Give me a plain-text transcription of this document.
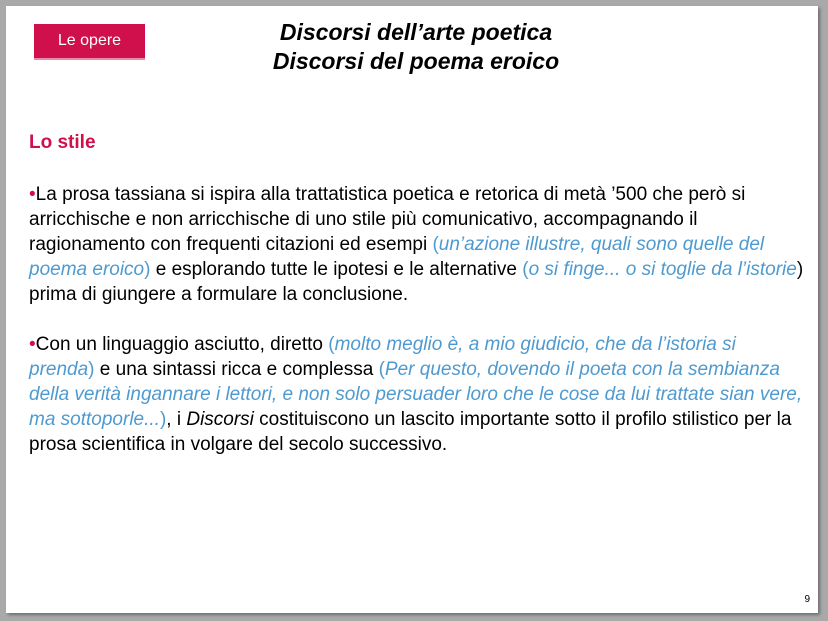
Le opere	Discorsi dell’arte poetica
Discorsi del poema eroico
Lo stile
•La prosa tassiana si ispira alla trattatistica poetica e retorica di metà ’500 che però si arricchische e non arricchische di uno stile più comunicativo, accompagnando il ragionamento con frequenti citazioni ed esempi (un’azione illustre, quali sono quelle del poema eroico) e esplorando tutte le ipotesi e le alternative (o si finge... o si toglie da l’istorie) prima di giungere a formulare la conclusione.
•Con un linguaggio asciutto, diretto (molto meglio è, a mio giudicio, che da l’istoria si prenda) e una sintassi ricca e complessa (Per questo, dovendo il poeta con la sembianza della verità ingannare i lettori, e non solo persuader loro che le cose da lui trattate sian vere, ma sottoporle...), i Discorsi costituiscono un lascito importante sotto il profilo stilistico per la prosa scientifica in volgare del secolo successivo.
9
